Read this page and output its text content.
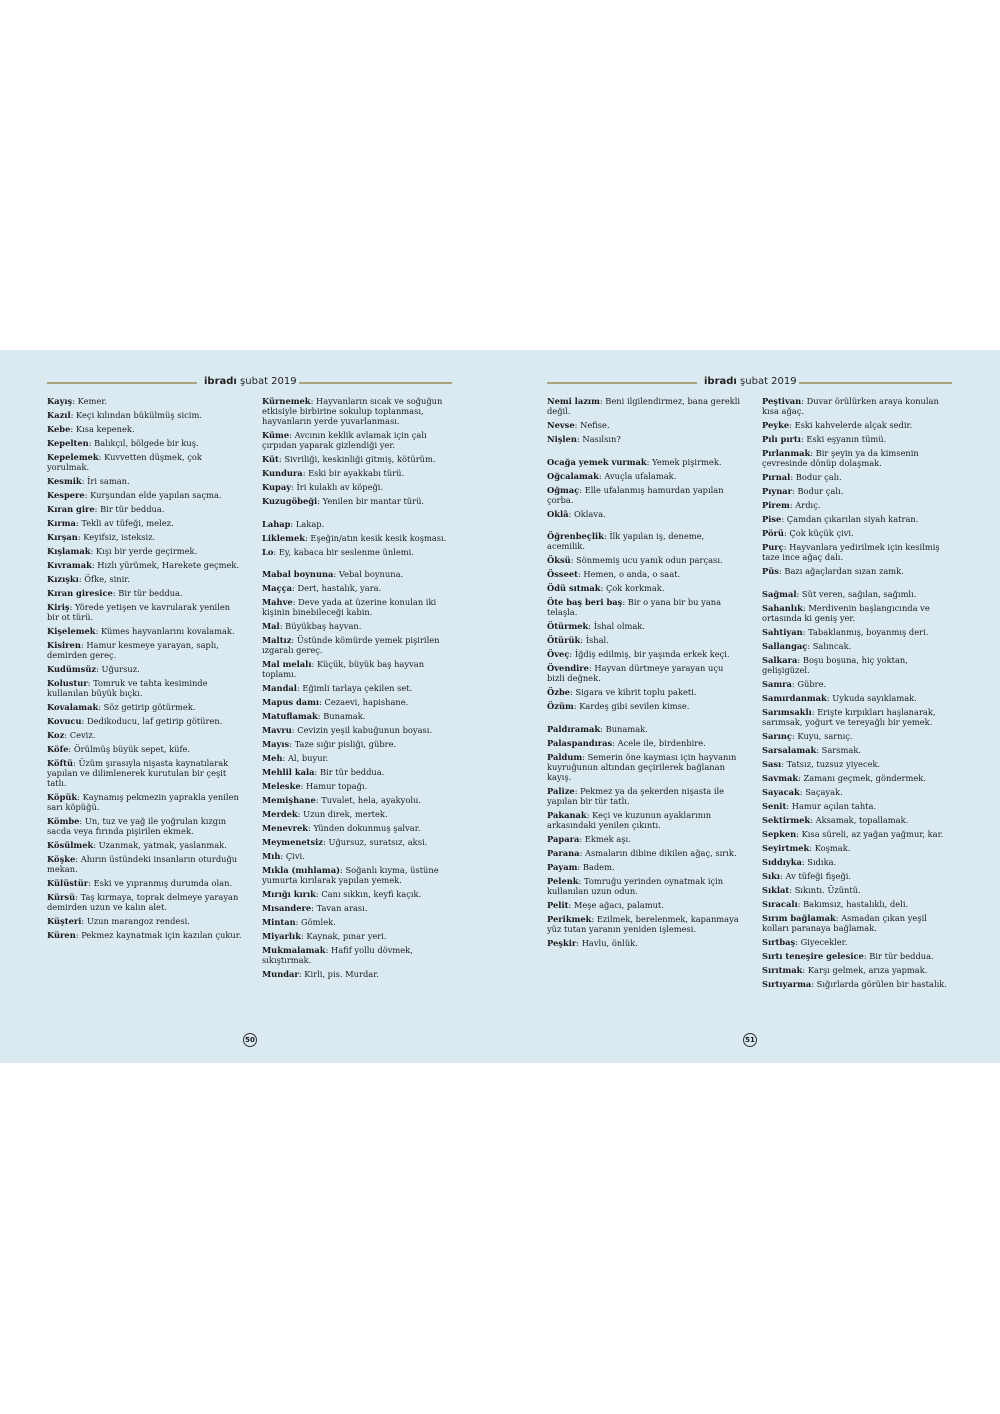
ibradı şubat 2019
Kayış: Kemer.
Kazıl: Keçi kılından bükülmüş sicim.
Kebe: Kısa kepenek.
Kepelten: Balıkçıl, bölgede bir kuş.
Kepelemek: Kuvvetten düşmek, çok yorulmak.
Kesmik: İri saman.
Kespere: Kurşundan elde yapılan saçma.
Kıran gire: Bir tür beddua.
Kırma: Tekli av tüfeği, melez.
Kırşan: Keyifsiz, isteksiz.
Kışlamak: Kışı bir yerde geçirmek.
Kıvramak: Hızlı yürümek, Harekete geçmek.
Kızışkı: Öfke, sinir.
Kıran giresice: Bir tür beddua.
Kiriş: Yörede yetişen ve kavrularak yenilen bir ot türü.
Kişelemek: Kümes hayvanlarını kovalamak.
Kisiren: Hamur kesmeye yarayan, saplı, demirden gereç.
Kudümsüz: Uğursuz.
Kolustur: Tomruk ve tahta kesiminde kullanılan büyük bıçkı.
Kovalamak: Söz getirip götürmek.
Kovucu: Dedikoducu, laf getirip götüren.
Koz: Ceviz.
Köfe: Örülmüş büyük sepet, küfe.
Köftü: Üzüm şırasıyla nişasta kaynatılarak yapılan ve dilimlenerek kurutulan bir çeşit tatlı.
Köpük: Kaynamış pekmezin yaprakla yenilen sarı köpüğü.
Kömbe: Un, tuz ve yağ ile yoğrulan kızgın sacda veya fırında pişirilen ekmek.
Kösülmek: Uzanmak, yatmak, yaslanmak.
Köşke: Ahırın üstündeki insanların oturduğu mekan.
Külüstür: Eski ve yıpranmış durumda olan.
Kürsü: Taş kırmaya, toprak delmeye yarayan demirden uzun ve kalın alet.
Küşteri: Uzun marangoz rendesi.
Küren: Pekmez kaynatmak için kazılan çukur.
Kürnemek: Hayvanların sıcak ve soğuğun etkisiyle birbirine sokulup toplanması, hayvanların yerde yuvarlanması.
Küme: Avcının keklik avlamak için çalı çırpıdan yaparak gizlendiği yer.
Küt: Sivriliği, keskinliği gitmiş, kötürüm.
Kundura: Eski bir ayakkabı türü.
Kupay: İri kulaklı av köpeği.
Kuzugöbeği: Yenilen bir mantar türü.
Lahap: Lakap.
Liklemek: Eşeğin/atın kesik kesik koşması.
Lo: Ey, kabaca bir seslenme ünlemi.
Mabal boynuna: Vebal boynuna.
Maçça: Dert, hastalık, yara.
Mahve: Deve yada at üzerine konulan iki kişinin binebileceği kabin.
Mal: Büyükbaş hayvan.
Maltız: Üstünde kömürde yemek pişirilen ızgaralı gereç.
Mal melalı: Küçük, büyük baş hayvan toplamı.
Mandal: Eğimli tarlaya çekilen set.
Mapus damı: Cezaevi, hapishane.
Matuflamak: Bunamak.
Mavru: Cevizin yeşil kabuğunun boyası.
Mayıs: Taze sığır pisliği, gübre.
Meh: Al, buyur.
Mehlil kala: Bir tür beddua.
Meleske: Hamur topağı.
Memişhane: Tuvalet, hela, ayakyolu.
Merdek: Uzun direk, mertek.
Menevrek: Yünden dokunmuş şalvar.
Meymenetsiz: Uğursuz, suratsız, aksi.
Mıh: Çivi.
Mıkla (mıhlama): Soğanlı kıyma, üstüne yumurta kırılarak yapılan yemek.
Mırığı kırık: Canı sıkkın, keyfi kaçık.
Mısandere: Tavan arası.
Mintan: Gömlek.
Miyarlık: Kaynak, pınar yeri.
Mukmalamak: Hafif yollu dövmek, sıkıştırmak.
Mundar: Kirli, pis. Murdar.
50
ibradı şubat 2019
Nemi lazım: Beni ilgilendirmez, bana gerekli değil.
Nevse: Nefise.
Nişlen: Nasılsın?
Ocağa yemek vurmak: Yemek pişirmek.
Oğcalamak: Avuçla ufalamak.
Oğmaç: Elle ufalanmış hamurdan yapılan çorba.
Oklâ: Oklava.
Öğrenbeçlik: İlk yapılan iş, deneme, acemilik.
Öksü: Sönmemiş ucu yanık odun parçası.
Össeet: Hemen, o anda, o saat.
Ödü sıtmak: Çok korkmak.
Öte baş beri baş: Bir o yana bir bu yana telaşla.
Ötürmek: İshal olmak.
Ötürük: İshal.
Öveç: İğdiş edilmiş, bir yaşında erkek keçi.
Övendire: Hayvan dürtmeye yarayan uçu bizli değnek.
Özbe: Sigara ve kibrit toplu paketi.
Özüm: Kardeş gibi sevilen kimse.
Paldıramak: Bunamak.
Palaspandıras: Acele ile, birdenbire.
Paldum: Semerin öne kayması için hayvanın kuyruğunun altından geçirilerek bağlanan kayış.
Palize: Pekmez ya da şekerden nişasta ile yapılan bir tür tatlı.
Pakanak: Keçi ve kuzunun ayaklarının arkasındaki yenilen çıkıntı.
Papara: Ekmek aşı.
Parana: Asmaların dibine dikilen ağaç, sırık.
Payam: Badem.
Pelenk: Tomruğu yerinden oynatmak için kullanılan uzun odun.
Pelit: Meşe ağacı, palamut.
Perikmek: Ezilmek, berelenmek, kapanmaya yüz tutan yaranın yeniden işlemesi.
Peşkir: Havlu, önlük.
Peştivan: Duvar örülürken araya konulan kısa ağaç.
Peyke: Eski kahvelerde alçak sedir.
Pılı pırtı: Eski eşyanın tümü.
Pırlanmak: Bir şeyin ya da kimsenin çevresinde dönüp dolaşmak.
Pırnal: Bodur çalı.
Pıynar: Bodur çalı.
Pirem: Ardıç.
Pise: Çamdan çıkarılan siyah katran.
Pörü: Çok küçük çivi.
Purç: Hayvanlara yedirilmek için kesilmiş taze ince ağaç dalı.
Püs: Bazı ağaçlardan sızan zamk.
Sağmal: Süt veren, sağılan, sağımlı.
Sahanlık: Merdivenin başlangıcında ve ortasında ki geniş yer.
Sahtiyan: Tabaklanmış, boyanmış deri.
Sallangaç: Salıncak.
Salkara: Boşu boşuna, hiç yoktan, gelişigüzel.
Samra: Gübre.
Samırdanmak: Uykuda sayıklamak.
Sarımsaklı: Erişte kırpıkları haşlanarak, sarımsak, yoğurt ve tereyağlı bir yemek.
Sarınç: Kuyu, sarnıç.
Sarsalamak: Sarsmak.
Sası: Tatsız, tuzsuz yiyecek.
Savmak: Zamanı geçmek, göndermek.
Sayacak: Saçayak.
Senit: Hamur açılan tahta.
Sektirmek: Aksamak, topallamak.
Sepken: Kısa süreli, az yağan yağmur, kar.
Seyirtmek: Koşmak.
Sıddıyka: Sıdıka.
Sıkı: Av tüfeği fişeği.
Sıklat: Sıkıntı. Üzüntü.
Sıracalı: Bakımsız, hastalıklı, deli.
Sırım bağlamak: Asmadan çıkan yeşil kolları paranaya bağlamak.
Sırtbaş: Giyecekler.
Sırtı teneşire gelesice: Bir tür beddua.
Sırıtmak: Karşı gelmek, arıza yapmak.
Sırtıyarma: Sığırlarda görülen bir hastalık.
51
